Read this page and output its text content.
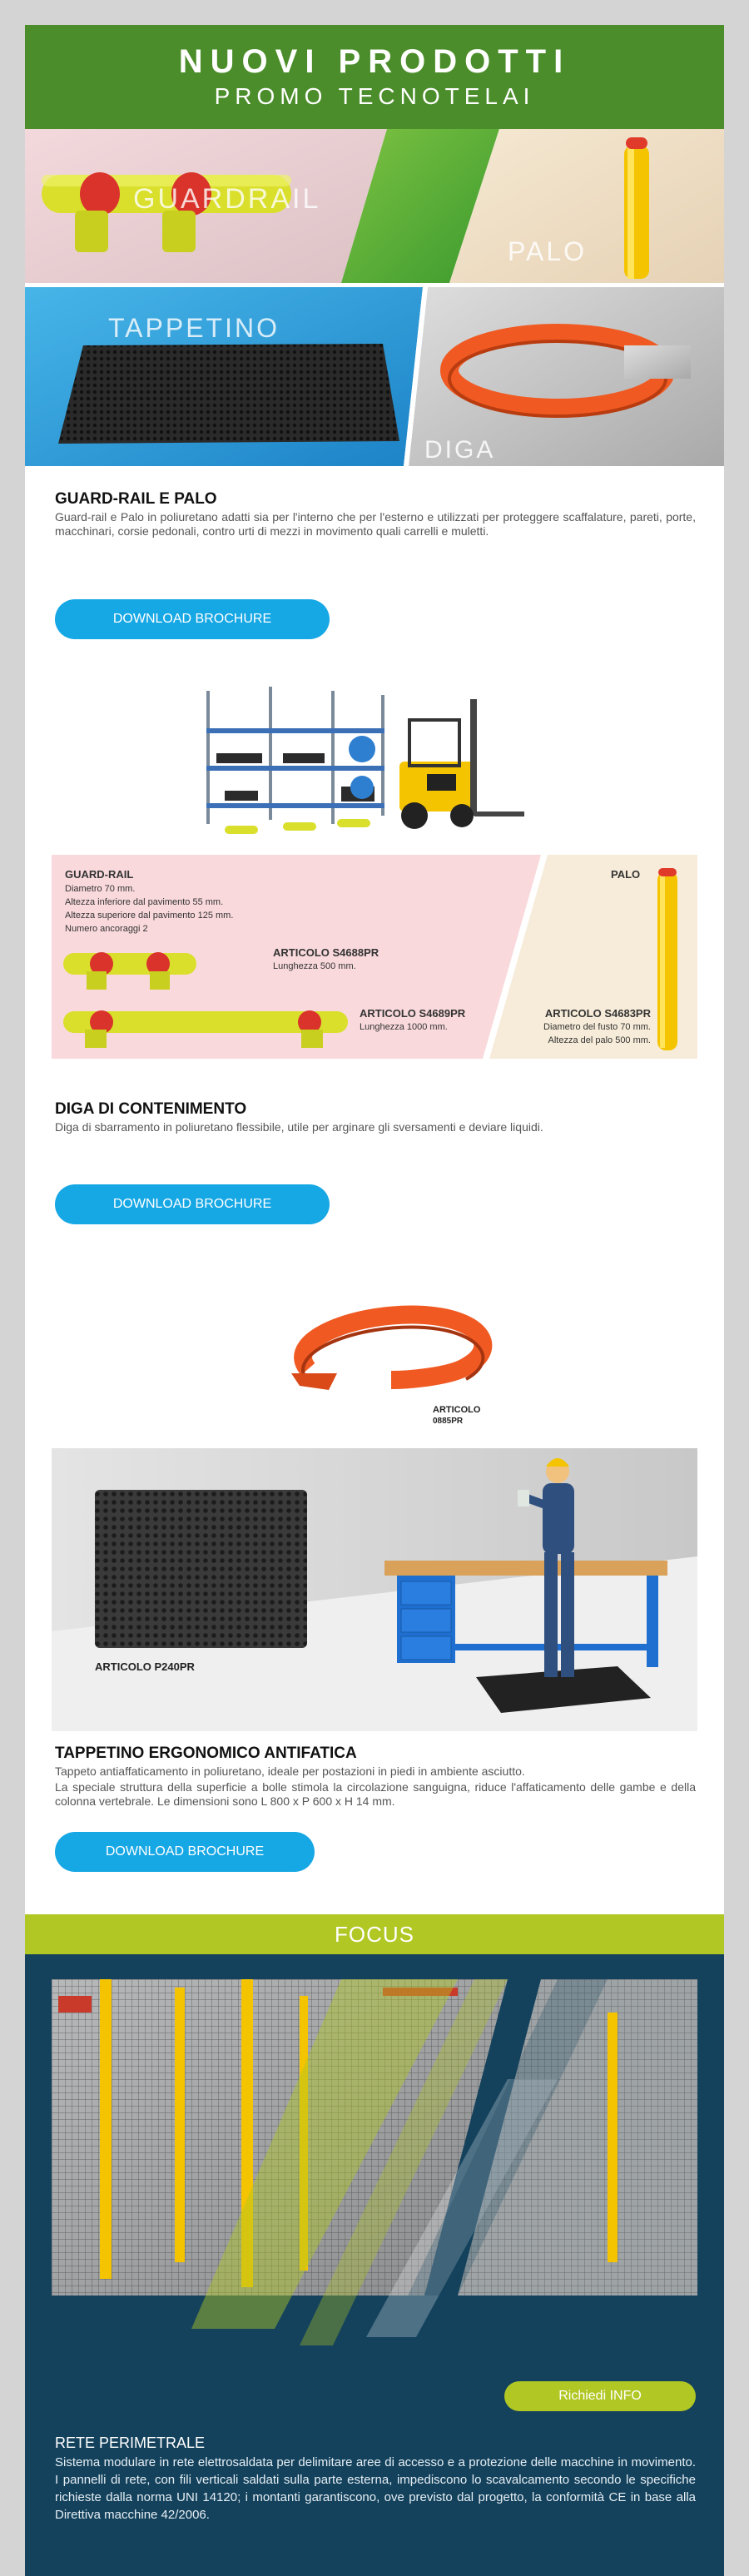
NUOVI PRODOTTI
PROMO TECNOTELAI
GUARDRAIL
PALO
TAPPETINO
DIGA
GUARD-RAIL E PALO
Guard-rail e Palo in poliuretano adatti sia per l'interno che per l'esterno e utilizzati per proteggere scaffalature, pareti, porte, macchinari, corsie pedonali, contro urti di mezzi in movimento quali carrelli e muletti.
DOWNLOAD BROCHURE
GUARD-RAIL
Diametro 70 mm.
Altezza inferiore dal pavimento 55 mm.
Altezza superiore dal pavimento 125 mm.
Numero ancoraggi 2
ARTICOLO S4688PR
Lunghezza 500 mm.
ARTICOLO S4689PR
Lunghezza 1000 mm.
PALO
ARTICOLO S4683PR
Diametro del fusto 70 mm.
Altezza del palo 500 mm.
DIGA DI CONTENIMENTO
Diga di sbarramento in poliuretano flessibile, utile per arginare gli sversamenti e deviare liquidi.
DOWNLOAD BROCHURE
ARTICOLO
0885PR
ARTICOLO P240PR
TAPPETINO ERGONOMICO ANTIFATICA
Tappeto antiaffaticamento in poliuretano, ideale per postazioni in piedi in ambiente asciutto.
La speciale struttura della superficie a bolle stimola la circolazione sanguigna, riduce l'affaticamento delle gambe e della colonna vertebrale. Le dimensioni sono L 800 x P 600 x H 14 mm.
DOWNLOAD BROCHURE
FOCUS
Richiedi INFO
RETE PERIMETRALE
Sistema modulare in rete elettrosaldata per delimitare aree di accesso e a protezione delle macchine in movimento. I pannelli di rete, con fili verticali saldati sulla parte esterna, impediscono lo scavalcamento secondo le specifiche richieste dalla norma UNI 14120; i montanti garantiscono, ove previsto dal progetto, la conformità CE in base alla Direttiva macchine 42/2006.
